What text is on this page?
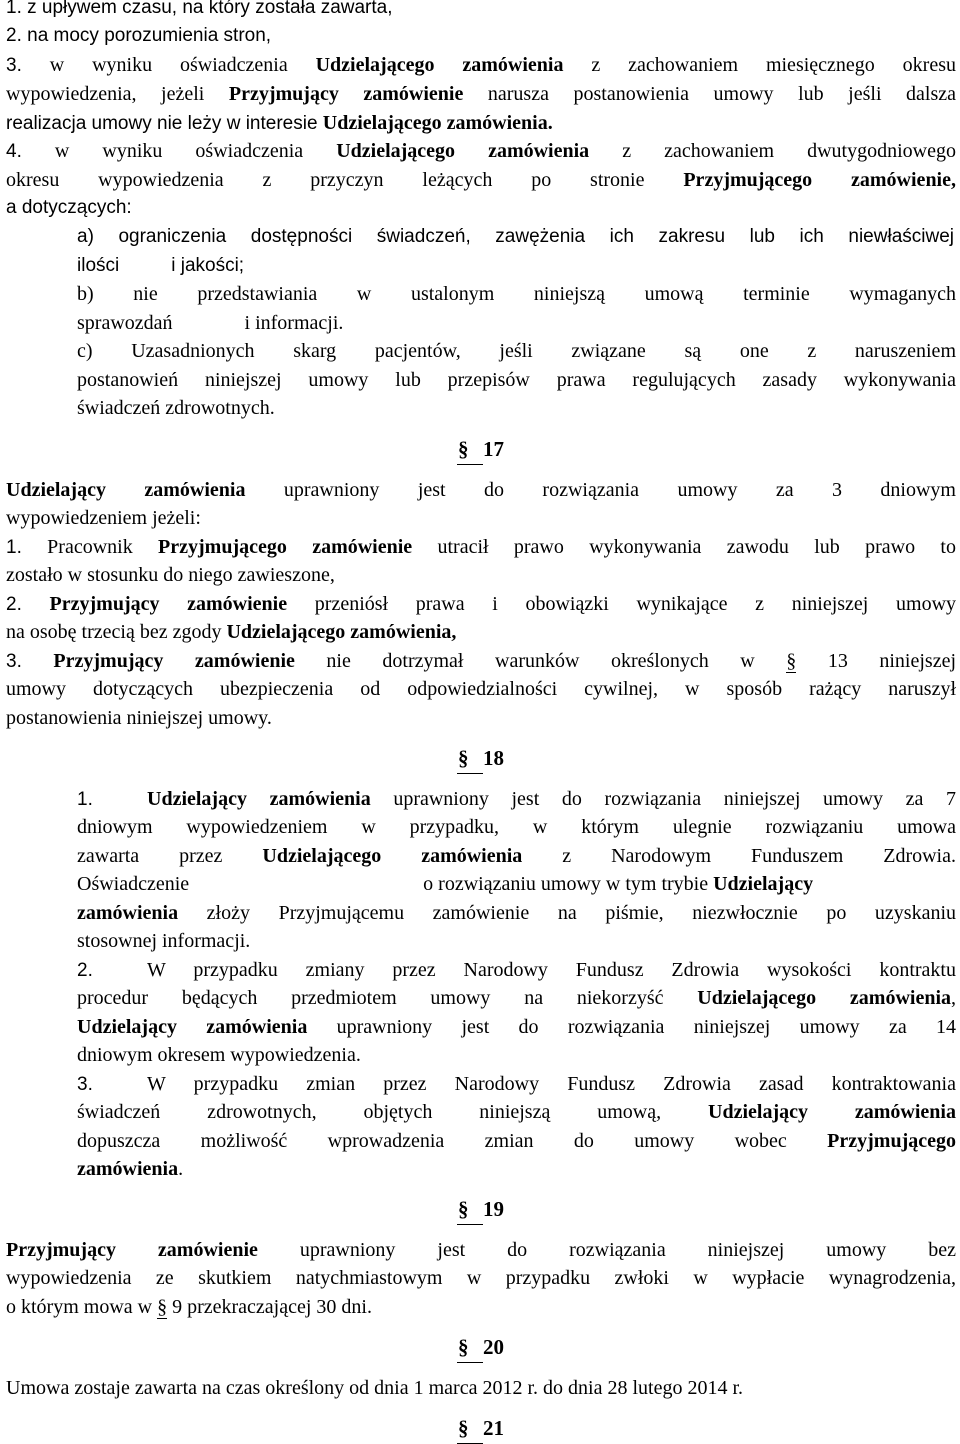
1. z upływem czasu, na który została zawarta,
2. na mocy porozumienia stron,
3. w wyniku oświadczenia Udzielającego zamówienia z zachowaniem miesięcznego okresu
wypowiedzenia, jeżeli Przyjmujący zamówienie narusza postanowienia umowy lub jeśli dalsza
realizacja umowy nie leży w interesie Udzielającego zamówienia.
4. w wyniku oświadczenia Udzielającego zamówienia z zachowaniem dwutygodniowego
okresu wypowiedzenia z przyczyn leżących po stronie Przyjmującego zamówienie,
a dotyczących:
a) ograniczenia dostępności świadczeń, zawężenia ich zakresu lub ich niewłaściwej
ilości	i jakości;
b) nie przedstawiania w ustalonym niniejszą umową terminie wymaganych
sprawozdań	i informacji.
c) Uzasadnionych skarg pacjentów, jeśli związane są one z naruszeniem
postanowień niniejszej umowy lub przepisów prawa regulujących zasady wykonywania
świadczeń zdrowotnych.
§ 17
Udzielający zamówienia uprawniony jest do rozwiązania umowy za 3 dniowym
wypowiedzeniem jeżeli:
1. Pracownik Przyjmującego zamówienie utracił prawo wykonywania zawodu lub prawo to
zostało w stosunku do niego zawieszone,
2. Przyjmujący zamówienie przeniósł prawa i obowiązki wynikające z niniejszej umowy
na osobę trzecią bez zgody Udzielającego zamówienia,
3. Przyjmujący zamówienie nie dotrzymał warunków określonych w § 13 niniejszej
umowy dotyczących ubezpieczenia od odpowiedzialności cywilnej, w sposób rażący naruszył
postanowienia niniejszej umowy.
§ 18
1.	Udzielający zamówienia uprawniony jest do rozwiązania niniejszej umowy za 7
dniowym wypowiedzeniem w przypadku, w którym ulegnie rozwiązaniu umowa
zawarta przez Udzielającego zamówienia z Narodowym Funduszem Zdrowia.
Oświadczenie	o rozwiązaniu umowy w tym trybie Udzielający
zamówienia złoży Przyjmującemu zamówienie na piśmie, niezwłocznie po uzyskaniu
stosownej informacji.
2.	W przypadku zmiany przez Narodowy Fundusz Zdrowia wysokości kontraktu
procedur będących przedmiotem umowy na niekorzyść Udzielającego zamówienia,
Udzielający zamówienia uprawniony jest do rozwiązania niniejszej umowy za 14
dniowym okresem wypowiedzenia.
3.	W przypadku zmian przez Narodowy Fundusz Zdrowia zasad kontraktowania
świadczeń zdrowotnych, objętych niniejszą umową, Udzielający zamówienia
dopuszcza możliwość wprowadzenia zmian do umowy wobec Przyjmującego
zamówienia.
§ 19
Przyjmujący zamówienie uprawniony jest do rozwiązania niniejszej umowy bez
wypowiedzenia ze skutkiem natychmiastowym w przypadku zwłoki w wypłacie wynagrodzenia,
o którym mowa w § 9 przekraczającej 30 dni.
§ 20
Umowa zostaje zawarta na czas określony od dnia 1 marca 2012 r. do dnia 28 lutego 2014 r.
§ 21
